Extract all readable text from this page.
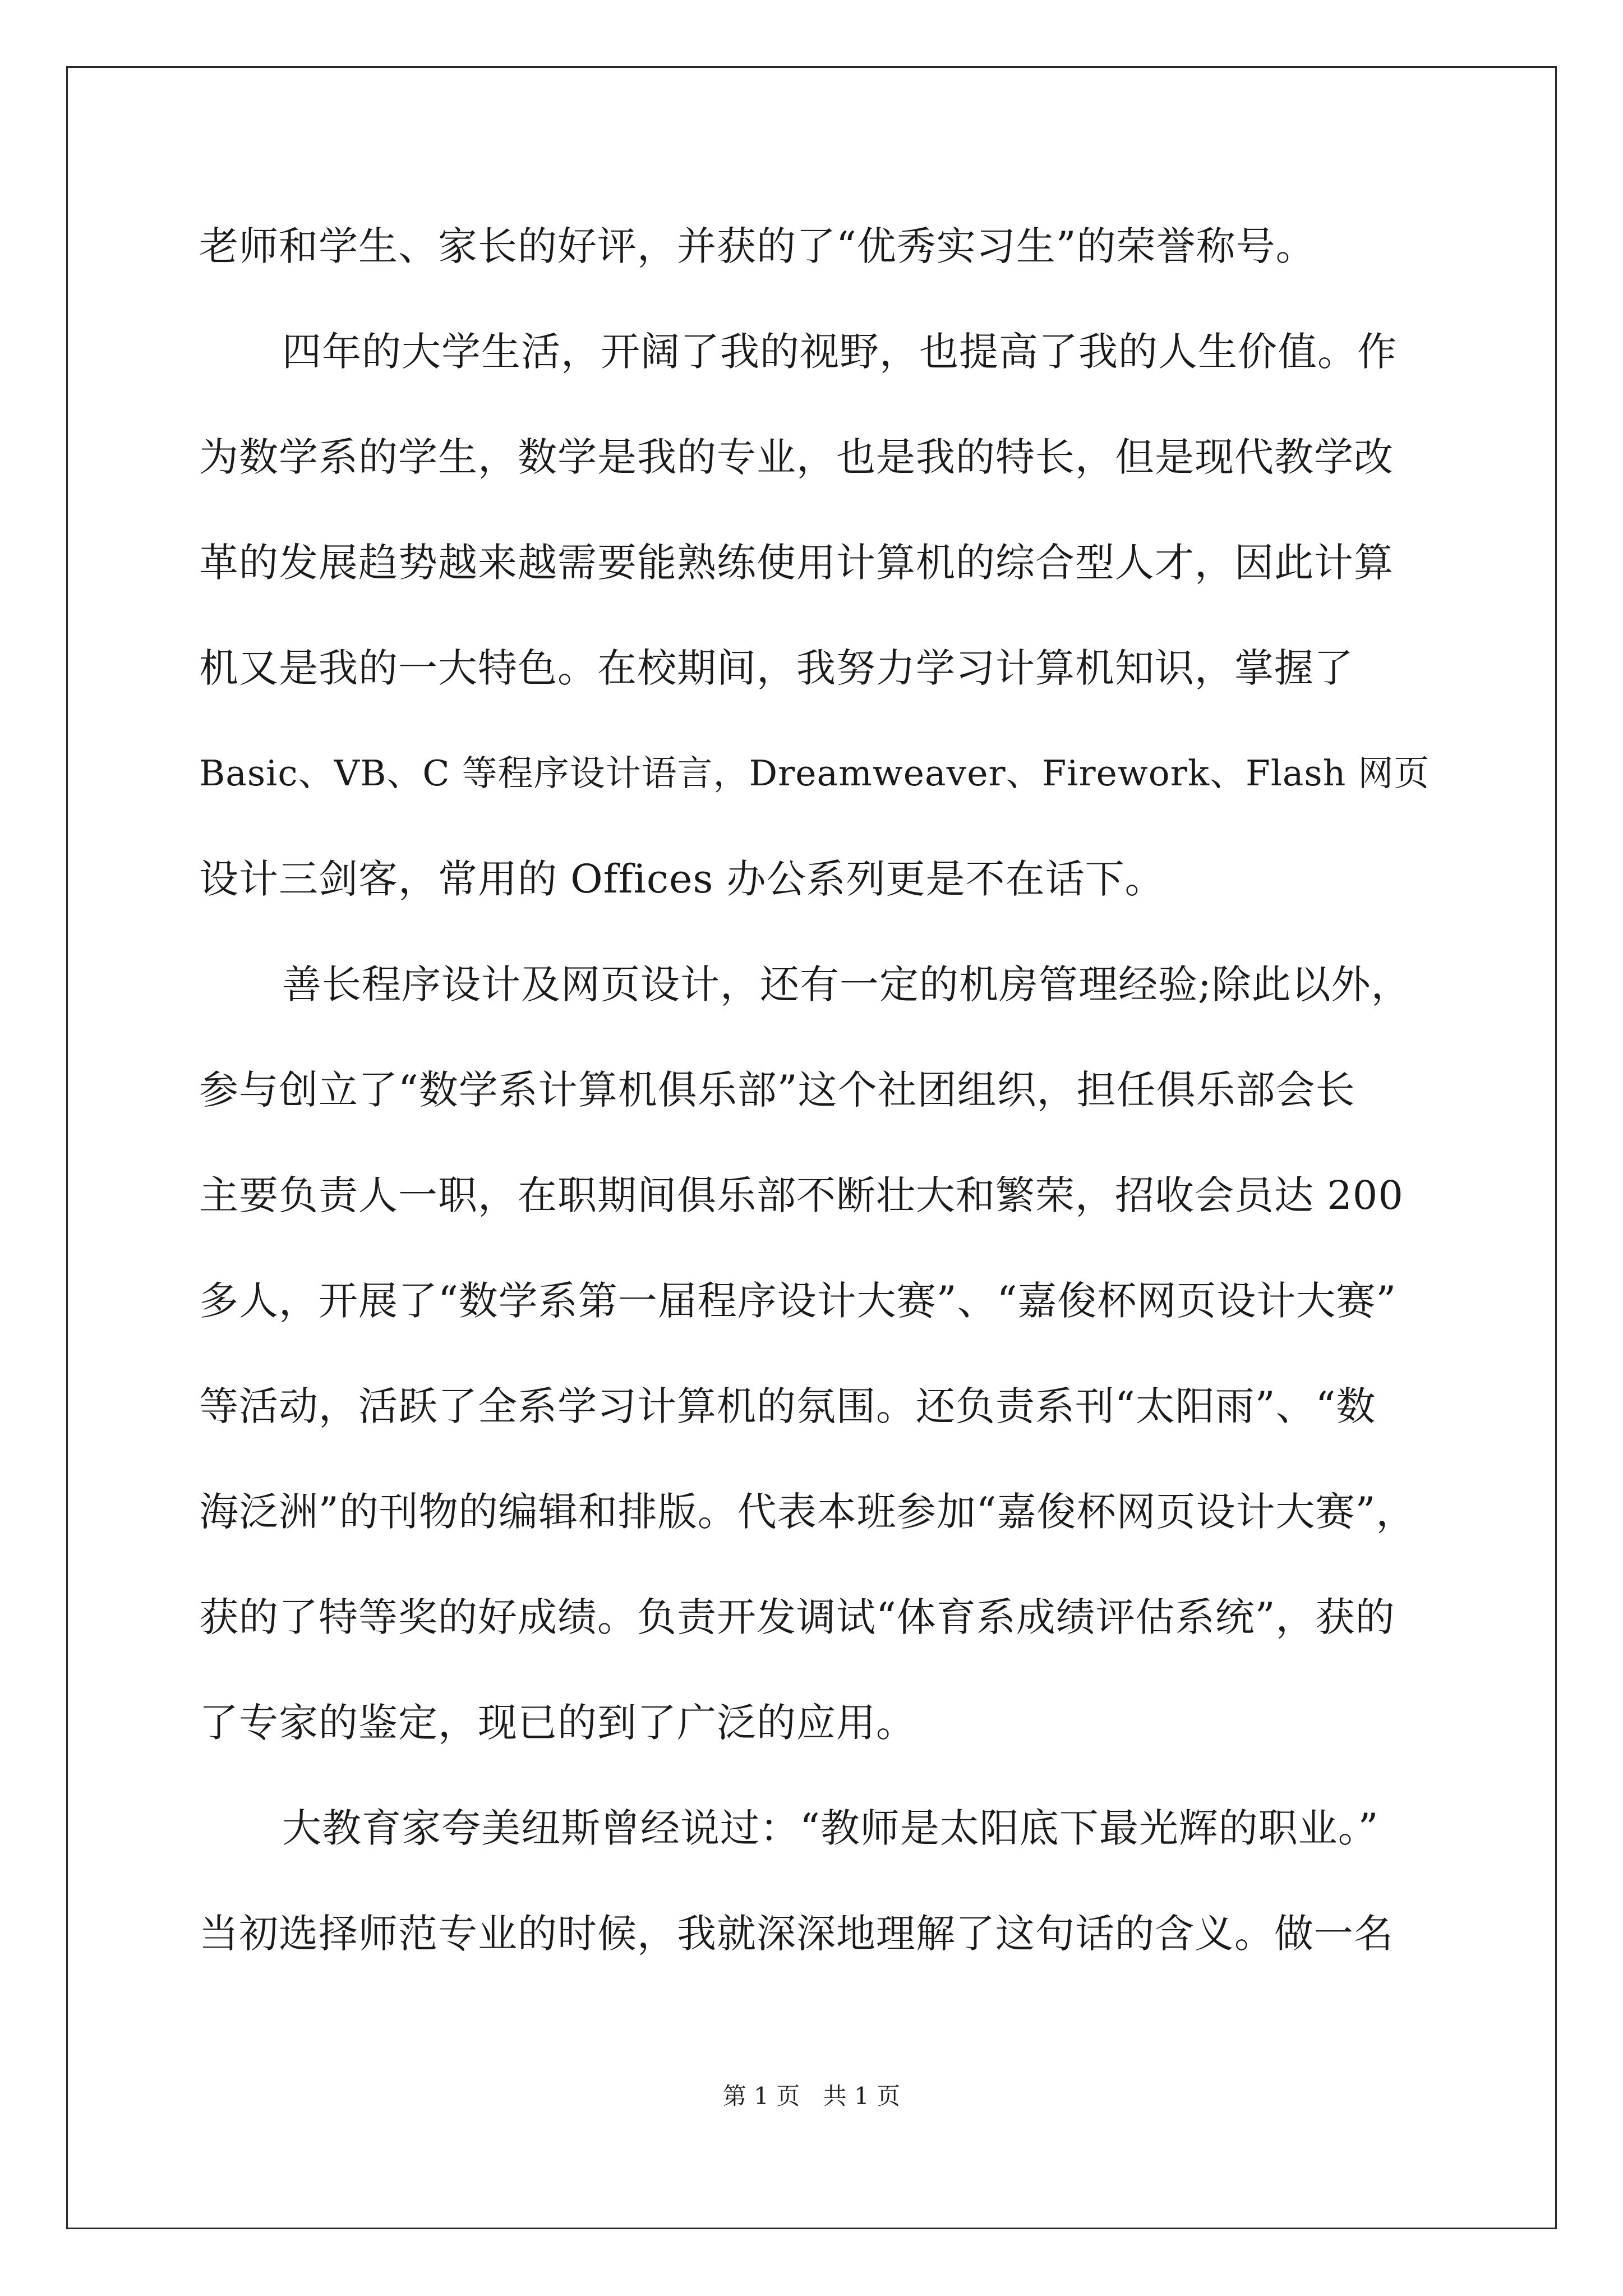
老师和学生、家长的好评，并获的了“优秀实习生”的荣誉称号。
四年的大学生活，开阔了我的视野，也提高了我的人生价值。作
为数学系的学生，数学是我的专业，也是我的特长，但是现代教学改
革的发展趋势越来越需要能熟练使用计算机的综合型人才，因此计算
机又是我的一大特色。在校期间，我努力学习计算机知识，掌握了
Basic、VB、C 等程序设计语言，Dreamweaver、Firework、Flash 网页
设计三剑客，常用的 Offices 办公系列更是不在话下。
善长程序设计及网页设计，还有一定的机房管理经验;除此以外，
参与创立了“数学系计算机俱乐部”这个社团组织，担任俱乐部会长
主要负责人一职，在职期间俱乐部不断壮大和繁荣，招收会员达 200
多人，开展了“数学系第一届程序设计大赛”、“嘉俊杯网页设计大赛”
等活动，活跃了全系学习计算机的氛围。还负责系刊“太阳雨”、“数
海泛洲”的刊物的编辑和排版。代表本班参加“嘉俊杯网页设计大赛”，
获的了特等奖的好成绩。负责开发调试“体育系成绩评估系统”，获的
了专家的鉴定，现已的到了广泛的应用。
大教育家夸美纽斯曾经说过：“教师是太阳底下最光辉的职业。”
当初选择师范专业的时候，我就深深地理解了这句话的含义。做一名
第 1 页 共 1 页
